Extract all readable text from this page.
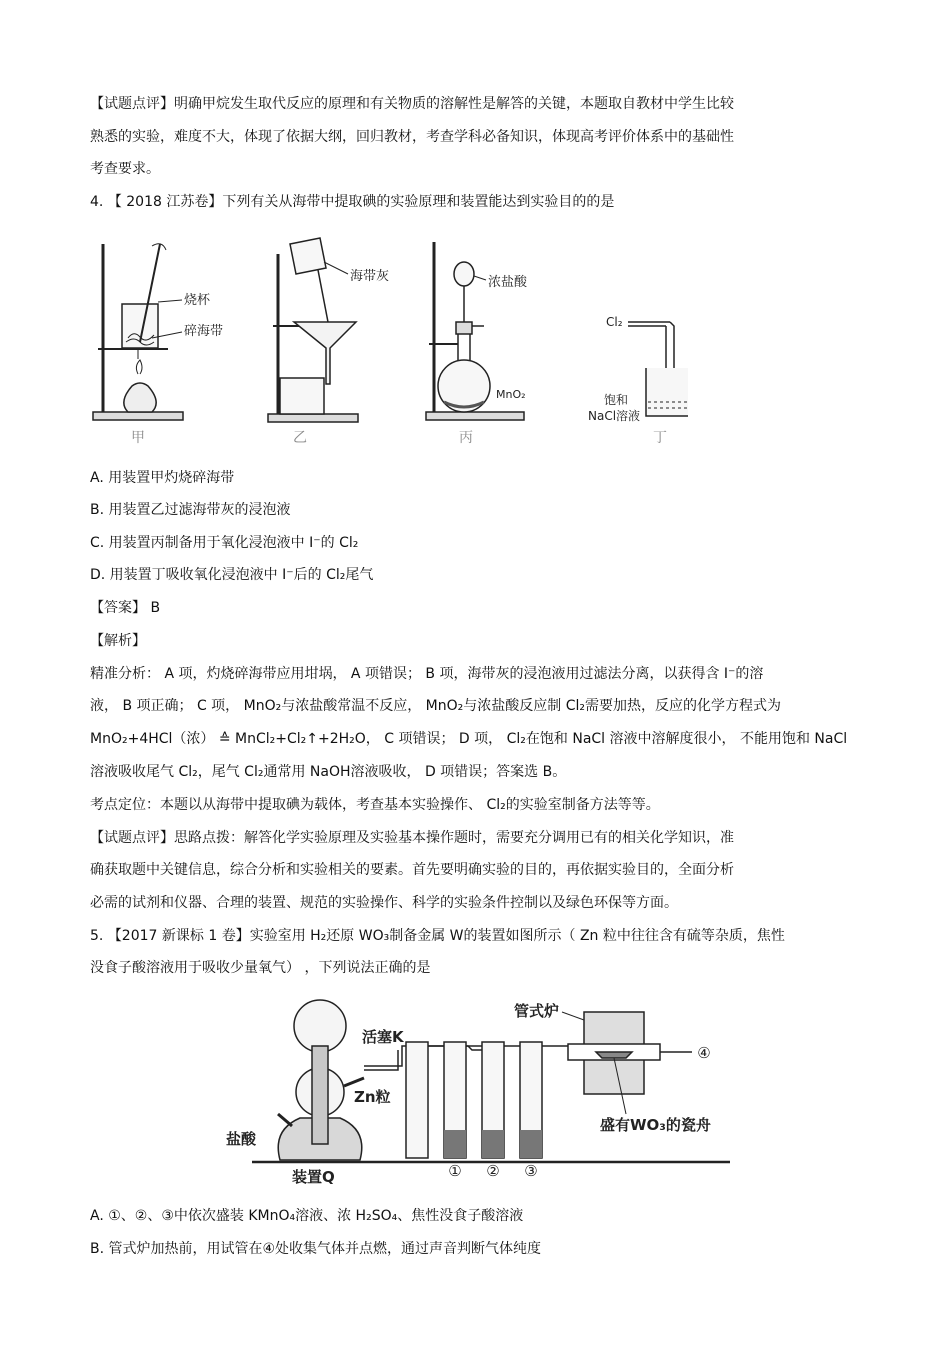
【试题点评】明确甲烷发生取代反应的原理和有关物质的溶解性是解答的关键，本题取自教材中学生比较
熟悉的实验，难度不大，体现了依据大纲，回归教材，考查学科必备知识，体现高考评价体系中的基础性
考查要求。
4. 【 2018 江苏卷】下列有关从海带中提取碘的实验原理和装置能达到实验目的的是
烧杯
碎海带
甲
海带灰
乙
浓盐酸
MnO₂
丙
Cl₂
饱和
NaCl溶液
丁
A. 用装置甲灼烧碎海带
B. 用装置乙过滤海带灰的浸泡液
C. 用装置丙制备用于氧化浸泡液中 I⁻的 Cl₂
D. 用装置丁吸收氧化浸泡液中 I⁻后的 Cl₂尾气
【答案】 B
【解析】
精准分析： A 项，灼烧碎海带应用坩埚， A 项错误； B 项，海带灰的浸泡液用过滤法分离，以获得含 I⁻的溶
液， B 项正确； C 项， MnO₂与浓盐酸常温不反应， MnO₂与浓盐酸反应制 Cl₂需要加热，反应的化学方程式为
MnO₂+4HCl（浓） ≙ MnCl₂+Cl₂↑+2H₂O， C 项错误； D 项， Cl₂在饱和 NaCl 溶液中溶解度很小， 不能用饱和 NaCl
溶液吸收尾气 Cl₂，尾气 Cl₂通常用 NaOH溶液吸收， D 项错误；答案选 B。
考点定位：本题以从海带中提取碘为载体，考查基本实验操作、 Cl₂的实验室制备方法等等。
【试题点评】思路点拨：解答化学实验原理及实验基本操作题时，需要充分调用已有的相关化学知识，准
确获取题中关键信息，综合分析和实验相关的要素。首先要明确实验的目的，再依据实验目的，全面分析
必需的试剂和仪器、合理的装置、规范的实验操作、科学的实验条件控制以及绿色环保等方面。
5. 【2017 新课标 1 卷】实验室用 H₂还原 WO₃制备金属 W的装置如图所示（ Zn 粒中往往含有硫等杂质，焦性
没食子酸溶液用于吸收少量氧气） ，下列说法正确的是
活塞K
Zn粒
盐酸
装置Q	① ② ③
管式炉
④
盛有WO₃的瓷舟
A. ①、②、③中依次盛装 KMnO₄溶液、浓 H₂SO₄、焦性没食子酸溶液
B. 管式炉加热前，用试管在④处收集气体并点燃，通过声音判断气体纯度
